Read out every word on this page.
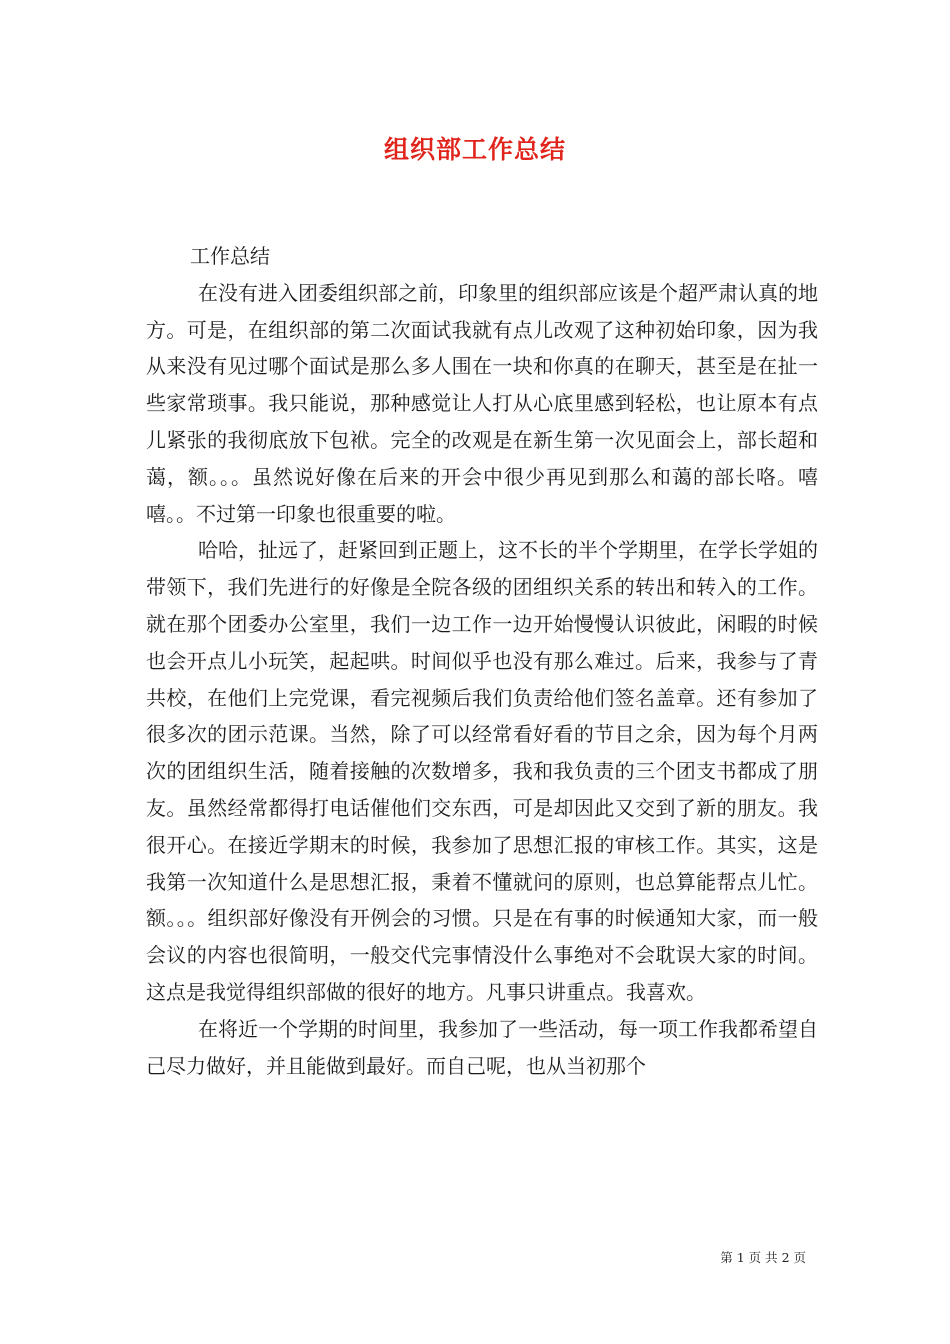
组织部工作总结

工作总结

在没有进入团委组织部之前，印象里的组织部应该是个超严肃认真的地方。可是，在组织部的第二次面试我就有点儿改观了这种初始印象，因为我从来没有见过哪个面试是那么多人围在一块和你真的在聊天，甚至是在扯一些家常琐事。我只能说，那种感觉让人打从心底里感到轻松，也让原本有点儿紧张的我彻底放下包袱。完全的改观是在新生第一次见面会上，部长超和蔼，额。。。虽然说好像在后来的开会中很少再见到那么和蔼的部长咯。嘻嘻。。不过第一印象也很重要的啦。

哈哈，扯远了，赶紧回到正题上，这不长的半个学期里，在学长学姐的带领下，我们先进行的好像是全院各级的团组织关系的转出和转入的工作。就在那个团委办公室里，我们一边工作一边开始慢慢认识彼此，闲暇的时候也会开点儿小玩笑，起起哄。时间似乎也没有那么难过。后来，我参与了青共校，在他们上完党课，看完视频后我们负责给他们签名盖章。还有参加了很多次的团示范课。当然，除了可以经常看好看的节目之余，因为每个月两次的团组织生活，随着接触的次数增多，我和我负责的三个团支书都成了朋友。虽然经常都得打电话催他们交东西，可是却因此又交到了新的朋友。我很开心。在接近学期末的时候，我参加了思想汇报的审核工作。其实，这是我第一次知道什么是思想汇报，秉着不懂就问的原则，也总算能帮点儿忙。额。。。组织部好像没有开例会的习惯。只是在有事的时候通知大家，而一般会议的内容也很简明，一般交代完事情没什么事绝对不会耽误大家的时间。这点是我觉得组织部做的很好的地方。凡事只讲重点。我喜欢。

在将近一个学期的时间里，我参加了一些活动，每一项工作我都希望自己尽力做好，并且能做到最好。而自己呢，也从当初那个

第 1 页 共 2 页
